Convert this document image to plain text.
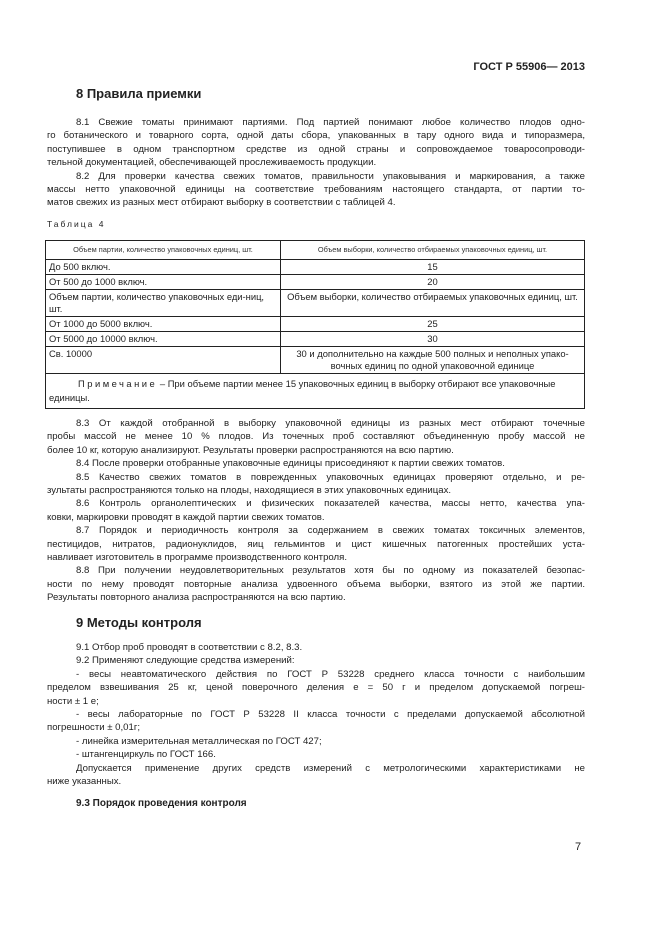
ГОСТ Р 55906— 2013
8 Правила приемки
8.1 Свежие томаты принимают партиями. Под партией понимают любое количество плодов одно-
го ботанического и товарного сорта, одной даты сбора, упакованных в тару одного вида и типоразмера,
поступившее в одном транспортном средстве из одной страны и сопровождаемое товаросопроводи-
тельной документацией, обеспечивающей прослеживаемость продукции.
8.2 Для проверки качества свежих томатов, правильности упаковывания и маркирования, а также
массы нетто упаковочной единицы на соответствие требованиям настоящего стандарта, от партии то-
матов свежих из разных мест отбирают выборку в соответствии с таблицей 4.
Таблица 4
Объем партии, количество упаковочных единиц, шт.	Объем выборки, количество отбираемых упаковочных единиц, шт.
До 500 включ.	15
От 500 до 1000 включ.	20
Объем партии, количество упаковочных еди-ниц, шт.	Объем выборки, количество отбираемых упаковочных единиц, шт.
От 1000 до 5000 включ.	25
От 5000 до 10000 включ.	30
Св. 10000	30 и дополнительно на каждые 500 полных и неполных упако-вочных единиц по одной упаковочной единице
Примечание – При объеме партии менее 15 упаковочных единиц в выборку отбирают все упаковочные единицы.	
8.3 От каждой отобранной в выборку упаковочной единицы из разных мест отбирают точечные
пробы массой не менее 10 % плодов. Из точечных проб составляют объединенную пробу массой не
более 10 кг, которую анализируют. Результаты проверки распространяются на всю партию.
8.4 После проверки отобранные упаковочные единицы присоединяют к партии свежих томатов.
8.5 Качество свежих томатов в поврежденных упаковочных единицах проверяют отдельно, и ре-
зультаты распространяются только на плоды, находящиеся в этих упаковочных единицах.
8.6 Контроль органолептических и физических показателей качества, массы нетто, качества упа-
ковки, маркировки проводят в каждой партии свежих томатов.
8.7 Порядок и периодичность контроля за содержанием в свежих томатах токсичных элементов,
пестицидов, нитратов, радионуклидов, яиц гельминтов и цист кишечных патогенных простейших уста-
навливает изготовитель в программе производственного контроля.
8.8 При получении неудовлетворительных результатов хотя бы по одному из показателей безопас-
ности по нему проводят повторные анализа удвоенного объема выборки, взятого из этой же партии.
Результаты повторного анализа распространяются на всю партию.
9 Методы контроля
9.1 Отбор проб проводят в соответствии с 8.2, 8.3.
9.2 Применяют следующие средства измерений:
- весы неавтоматического действия по ГОСТ Р 53228 среднего класса точности с наибольшим
пределом взвешивания 25 кг, ценой поверочного деления e = 50 г и пределом допускаемой погреш-
ности ± 1 e;
- весы лабораторные по ГОСТ Р 53228 II класса точности с пределами допускаемой абсолютной
погрешности ± 0,01г;
- линейка измерительная металлическая по ГОСТ 427;
- штангенциркуль по ГОСТ 166.
Допускается применение других средств измерений с метрологическими характеристиками не
ниже указанных.
9.3 Порядок проведения контроля
7
